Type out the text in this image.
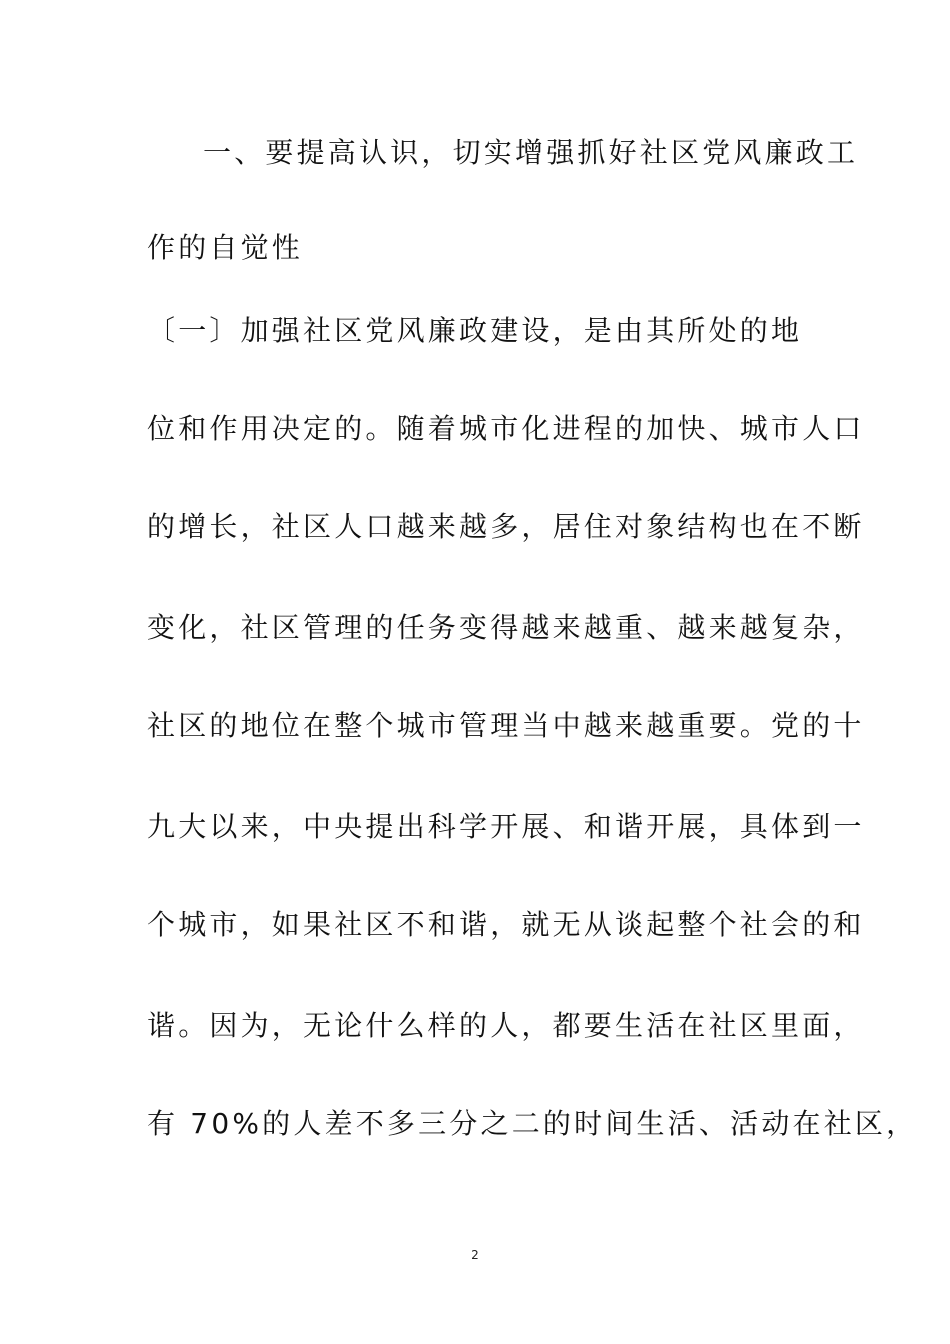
一、要提高认识，切实增强抓好社区党风廉政工
作的自觉性
〔一〕加强社区党风廉政建设，是由其所处的地
位和作用决定的。随着城市化进程的加快、城市人口
的增长，社区人口越来越多，居住对象结构也在不断
变化，社区管理的任务变得越来越重、越来越复杂，
社区的地位在整个城市管理当中越来越重要。党的十
九大以来，中央提出科学开展、和谐开展，具体到一
个城市，如果社区不和谐，就无从谈起整个社会的和
谐。因为，无论什么样的人，都要生活在社区里面，
有 70%的人差不多三分之二的时间生活、活动在社区，
2
